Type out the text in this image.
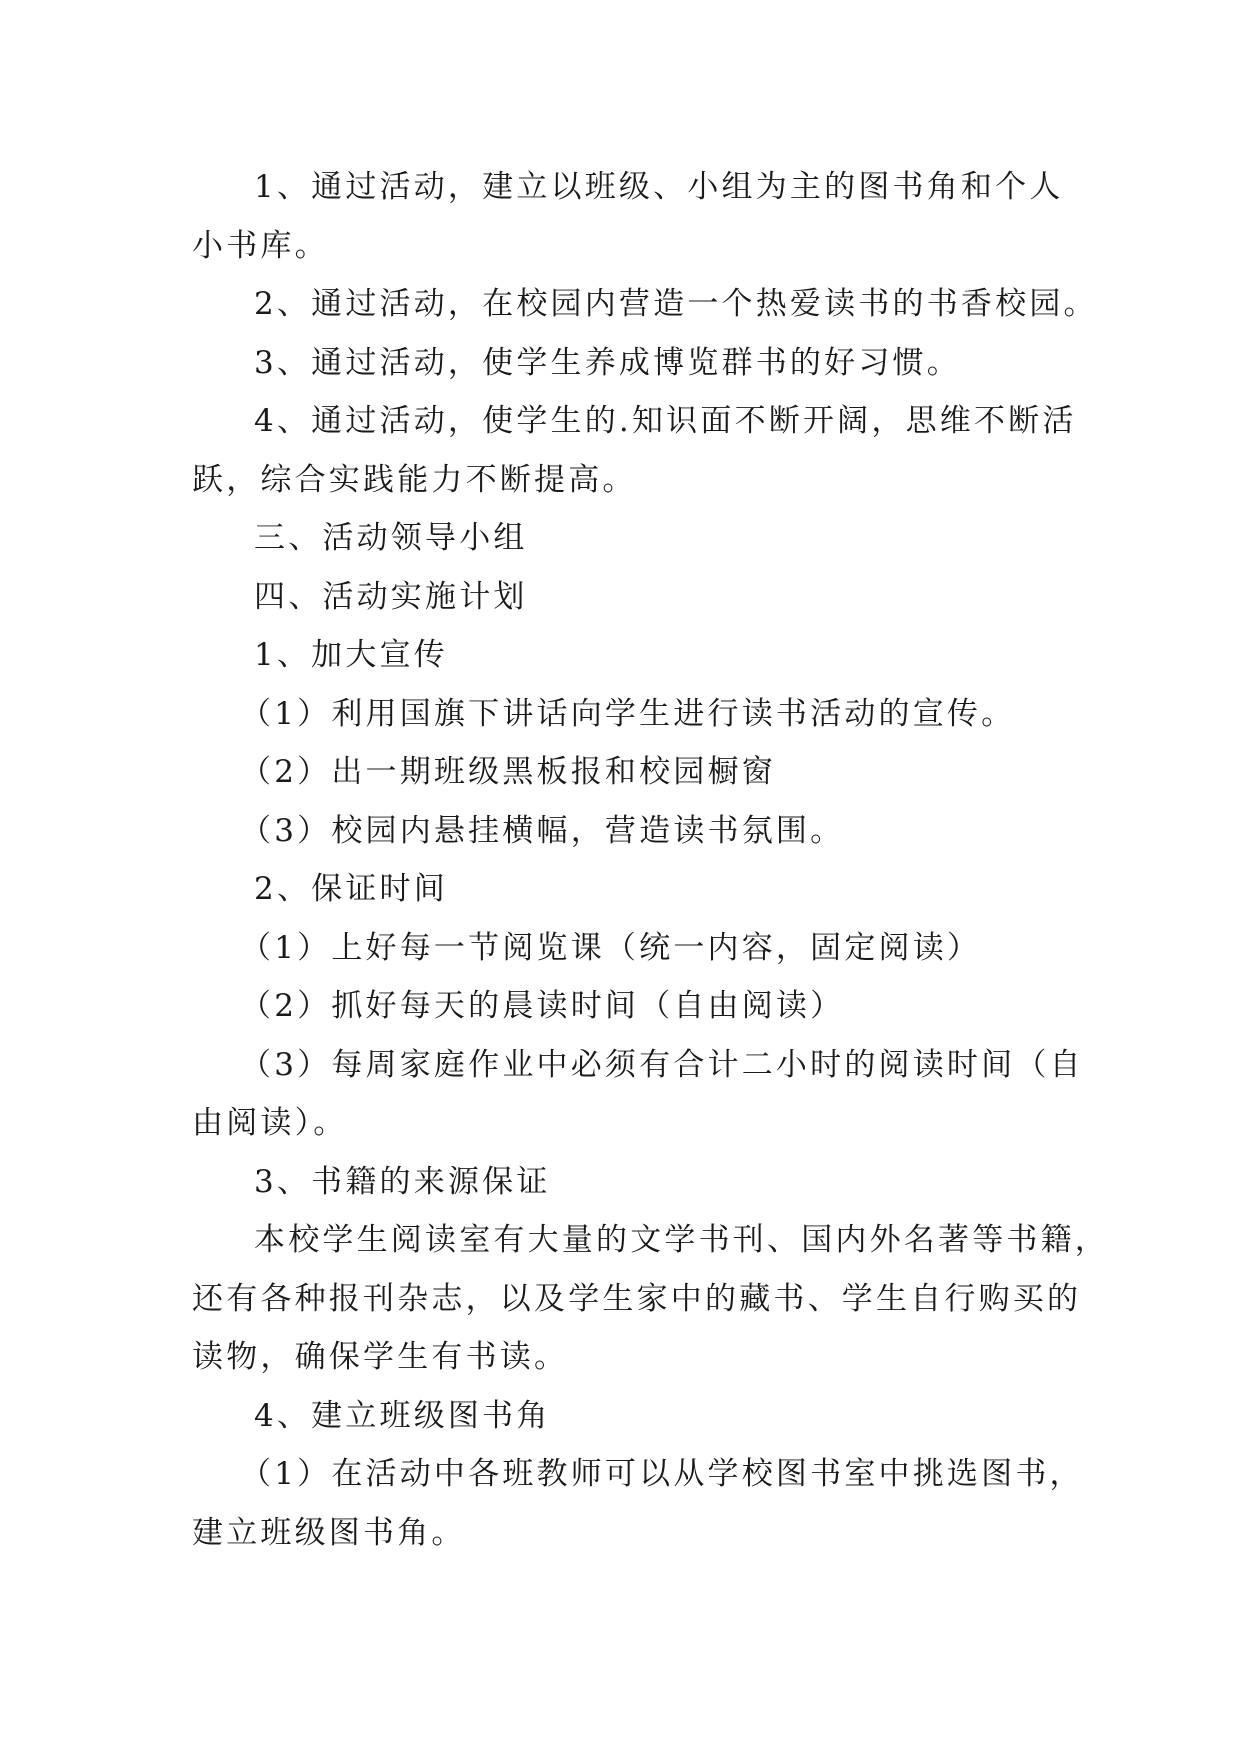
1、通过活动，建立以班级、小组为主的图书角和个人
小书库。
2、通过活动，在校园内营造一个热爱读书的书香校园。
3、通过活动，使学生养成博览群书的好习惯。
4、通过活动，使学生的.知识面不断开阔，思维不断活
跃，综合实践能力不断提高。
三、活动领导小组
四、活动实施计划
1、加大宣传
（1）利用国旗下讲话向学生进行读书活动的宣传。
（2）出一期班级黑板报和校园橱窗
（3）校园内悬挂横幅，营造读书氛围。
2、保证时间
（1）上好每一节阅览课（统一内容，固定阅读）
（2）抓好每天的晨读时间（自由阅读）
（3）每周家庭作业中必须有合计二小时的阅读时间（自
由阅读）。
3、书籍的来源保证
本校学生阅读室有大量的文学书刊、国内外名著等书籍，
还有各种报刊杂志，以及学生家中的藏书、学生自行购买的
读物，确保学生有书读。
4、建立班级图书角
（1）在活动中各班教师可以从学校图书室中挑选图书，
建立班级图书角。
